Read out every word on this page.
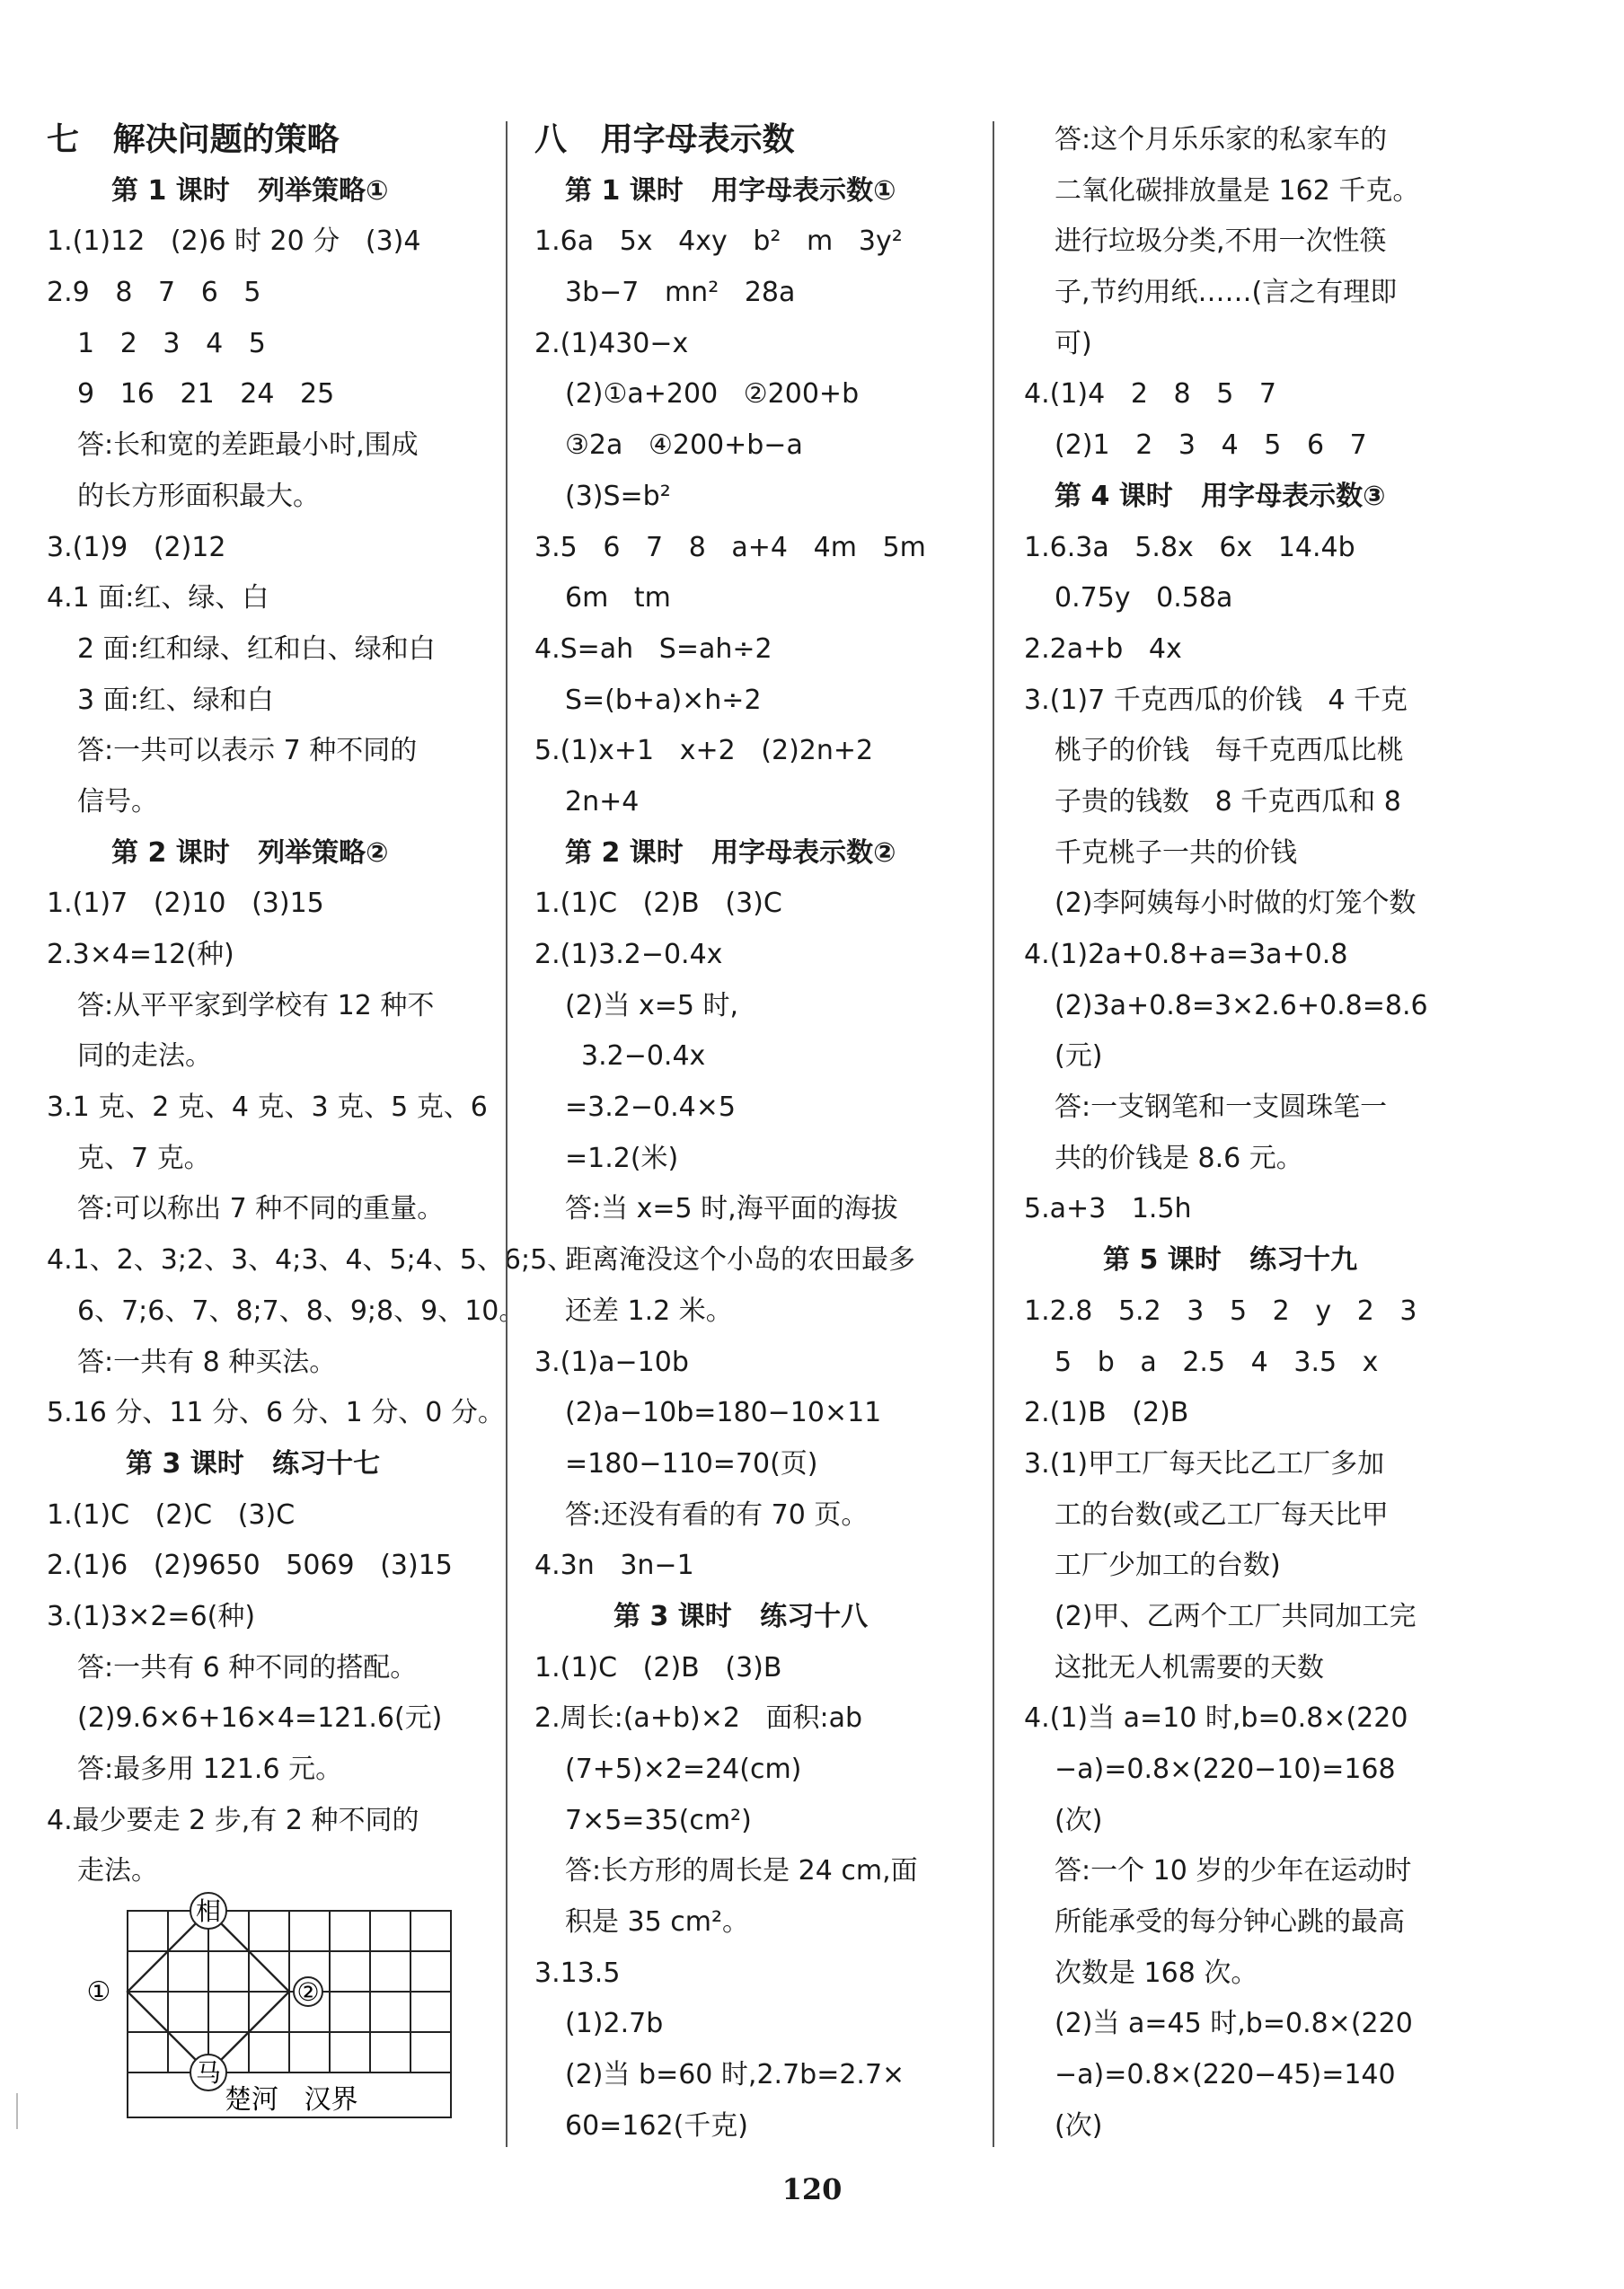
七   解决问题的策略
第 1 课时   列举策略①
1.(1)12   (2)6 时 20 分   (3)4
2.9   8   7   6   5
1   2   3   4   5
9   16   21   24   25
答:长和宽的差距最小时,围成
的长方形面积最大。
3.(1)9   (2)12
4.1 面:红、绿、白
2 面:红和绿、红和白、绿和白
3 面:红、绿和白
答:一共可以表示 7 种不同的
信号。
第 2 课时   列举策略②
1.(1)7   (2)10   (3)15
2.3×4=12(种)
答:从平平家到学校有 12 种不
同的走法。
3.1 克、2 克、4 克、3 克、5 克、6
克、7 克。
答:可以称出 7 种不同的重量。
4.1、2、3;2、3、4;3、4、5;4、5、6;5、
6、7;6、7、8;7、8、9;8、9、10。
答:一共有 8 种买法。
5.16 分、11 分、6 分、1 分、0 分。
第 3 课时   练习十七
1.(1)C   (2)C   (3)C
2.(1)6   (2)9650   5069   (3)15
3.(1)3×2=6(种)
答:一共有 6 种不同的搭配。
(2)9.6×6+16×4=121.6(元)
答:最多用 121.6 元。
4.最少要走 2 步,有 2 种不同的
走法。
八   用字母表示数
第 1 课时   用字母表示数①
1.6a   5x   4xy   b²   m   3y²
3b−7   mn²   28a
2.(1)430−x
(2)①a+200   ②200+b
③2a   ④200+b−a
(3)S=b²
3.5   6   7   8   a+4   4m   5m
6m   tm
4.S=ah   S=ah÷2
S=(b+a)×h÷2
5.(1)x+1   x+2   (2)2n+2
2n+4
第 2 课时   用字母表示数②
1.(1)C   (2)B   (3)C
2.(1)3.2−0.4x
(2)当 x=5 时,
3.2−0.4x
=3.2−0.4×5
=1.2(米)
答:当 x=5 时,海平面的海拔
距离淹没这个小岛的农田最多
还差 1.2 米。
3.(1)a−10b
(2)a−10b=180−10×11
=180−110=70(页)
答:还没有看的有 70 页。
4.3n   3n−1
第 3 课时   练习十八
1.(1)C   (2)B   (3)B
2.周长:(a+b)×2   面积:ab
(7+5)×2=24(cm)
7×5=35(cm²)
答:长方形的周长是 24 cm,面
积是 35 cm²。
3.13.5
(1)2.7b
(2)当 b=60 时,2.7b=2.7×
60=162(千克)
答:这个月乐乐家的私家车的
二氧化碳排放量是 162 千克。
进行垃圾分类,不用一次性筷
子,节约用纸……(言之有理即
可)
4.(1)4   2   8   5   7
(2)1   2   3   4   5   6   7
第 4 课时   用字母表示数③
1.6.3a   5.8x   6x   14.4b
0.75y   0.58a
2.2a+b   4x
3.(1)7 千克西瓜的价钱   4 千克
桃子的价钱   每千克西瓜比桃
子贵的钱数   8 千克西瓜和 8
千克桃子一共的价钱
(2)李阿姨每小时做的灯笼个数
4.(1)2a+0.8+a=3a+0.8
(2)3a+0.8=3×2.6+0.8=8.6
(元)
答:一支钢笔和一支圆珠笔一
共的价钱是 8.6 元。
5.a+3   1.5h
第 5 课时   练习十九
1.2.8   5.2   3   5   2   y   2   3
5   b   a   2.5   4   3.5   x
2.(1)B   (2)B
3.(1)甲工厂每天比乙工厂多加
工的台数(或乙工厂每天比甲
工厂少加工的台数)
(2)甲、乙两个工厂共同加工完
这批无人机需要的天数
4.(1)当 a=10 时,b=0.8×(220
−a)=0.8×(220−10)=168
(次)
答:一个 10 岁的少年在运动时
所能承受的每分钟心跳的最高
次数是 168 次。
(2)当 a=45 时,b=0.8×(220
−a)=0.8×(220−45)=140
(次)
相
马
①	②
楚河   汉界
120
